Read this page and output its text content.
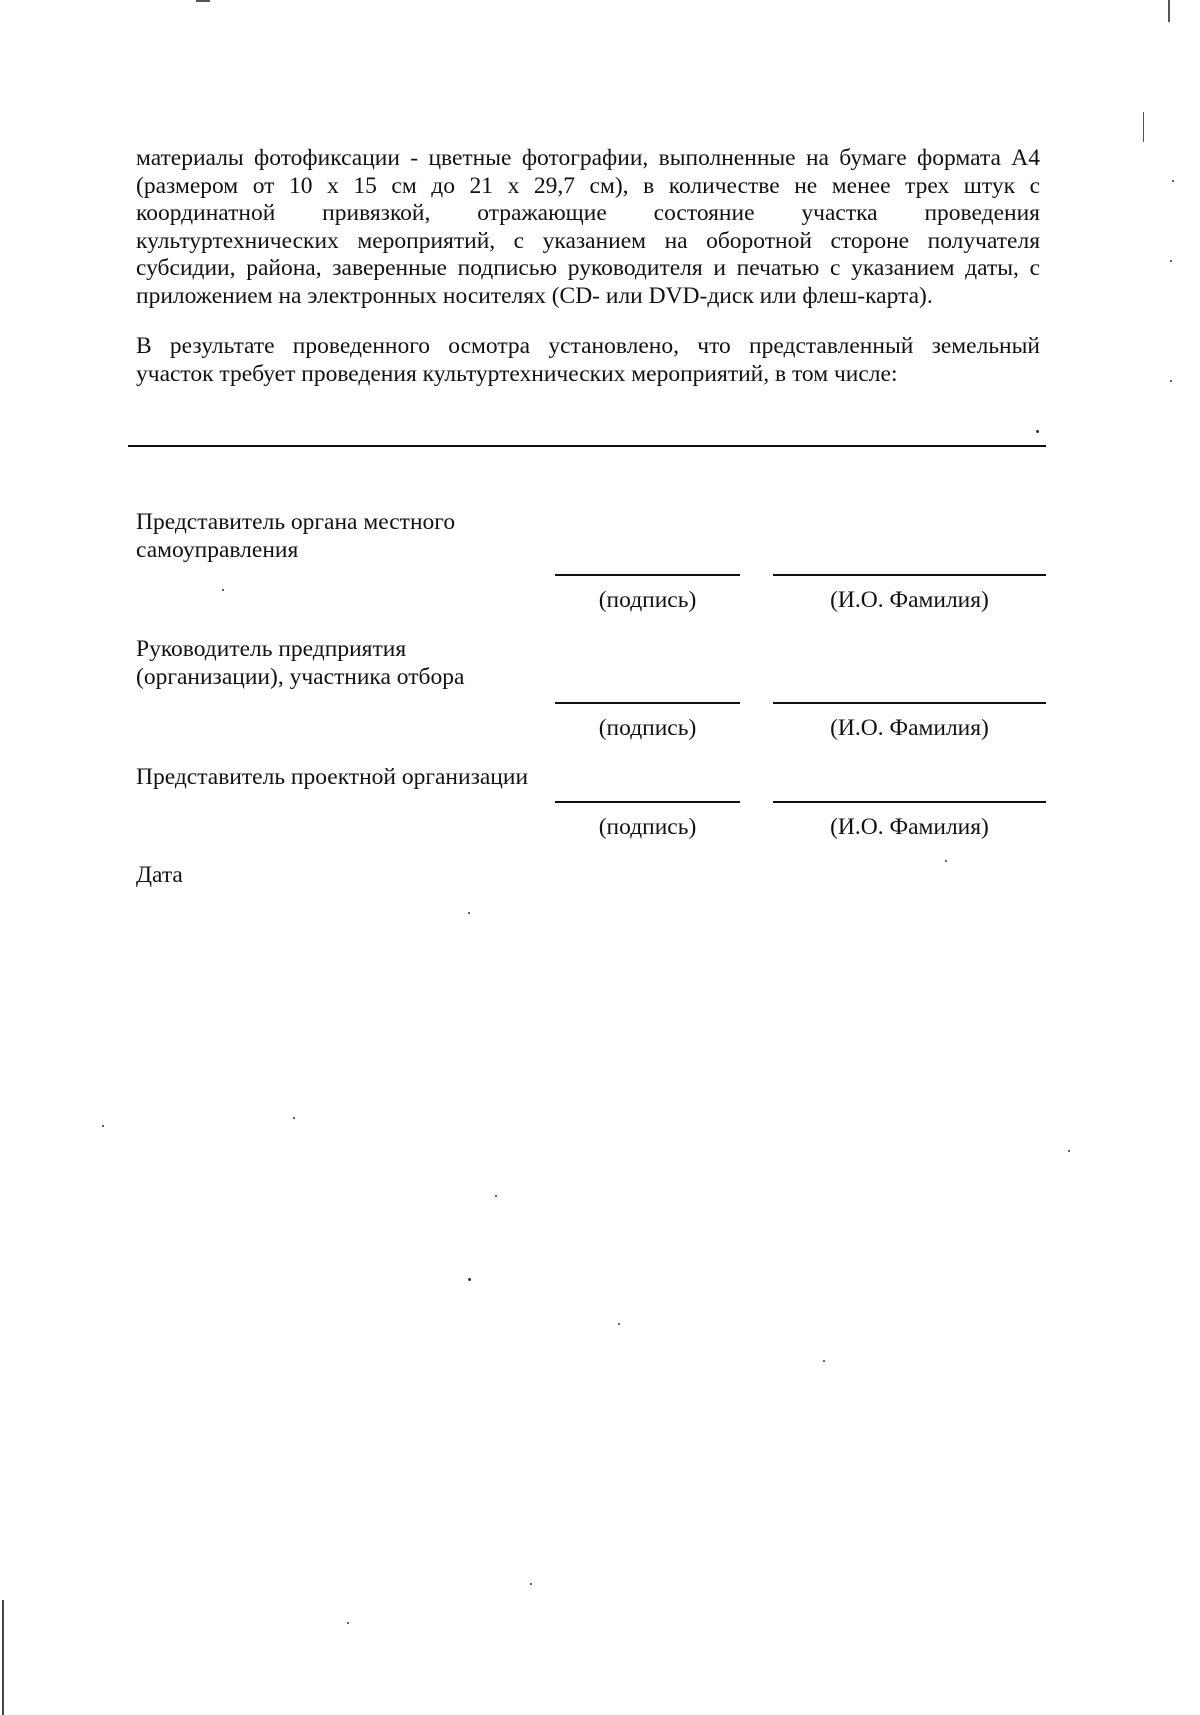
материалы фотофиксации - цветные фотографии, выполненные на бумаге формата А4
(размером от 10 х 15 см до 21 х 29,7 см), в количестве не менее трех штук с
координатной привязкой, отражающие состояние участка проведения
культуртехнических мероприятий, с указанием на оборотной стороне получателя
субсидии, района, заверенные подписью руководителя и печатью с указанием даты, с
приложением на электронных носителях (CD- или DVD-диск или флеш-карта).
В результате проведенного осмотра установлено, что представленный земельный
участок требует проведения культуртехнических мероприятий, в том числе:
Представитель органа местного
самоуправления
(подпись)	(И.О. Фамилия)
Руководитель предприятия
(организации), участника отбора
(подпись)	(И.О. Фамилия)
Представитель проектной организации
(подпись)	(И.О. Фамилия)
Дата
